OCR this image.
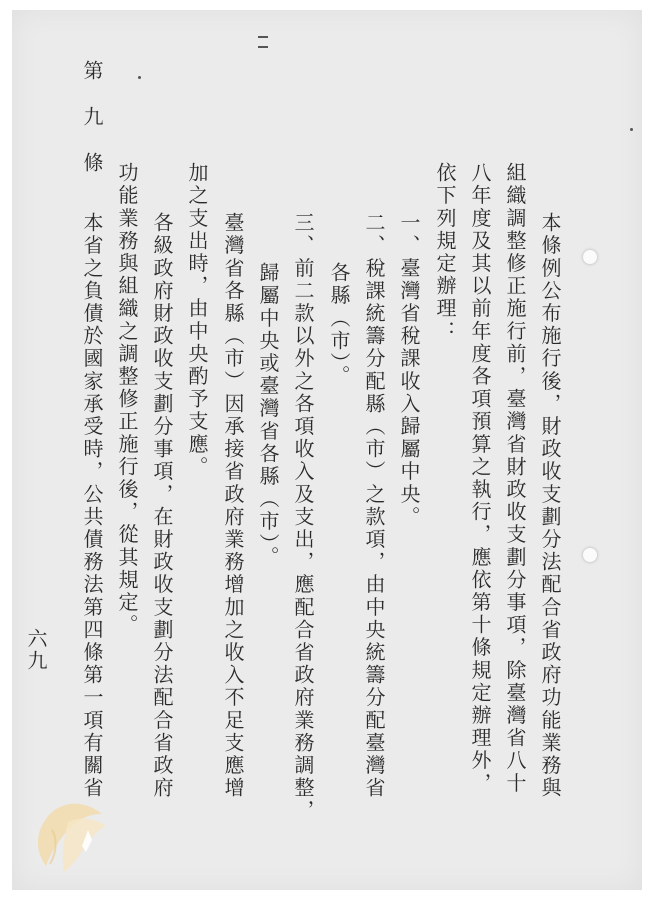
本條例公布施行後，財政收支劃分法配合省政府功能業務與
組織調整修正施行前，臺灣省財政收支劃分事項，除臺灣省八十
八年度及其以前年度各項預算之執行，應依第十條規定辦理外，
依下列規定辦理：
一、臺灣省稅課收入歸屬中央。
二、稅課統籌分配縣（市）之款項，由中央統籌分配臺灣省
各縣（市）。
三、前二款以外之各項收入及支出，應配合省政府業務調整，
歸屬中央或臺灣省各縣（市）。
臺灣省各縣（市）因承接省政府業務增加之收入不足支應增
加之支出時，由中央酌予支應。
各級政府財政收支劃分事項，在財政收支劃分法配合省政府
功能業務與組織之調整修正施行後，從其規定。
本省之負債於國家承受時，公共債務法第四條第一項有關省
第九條
六九
